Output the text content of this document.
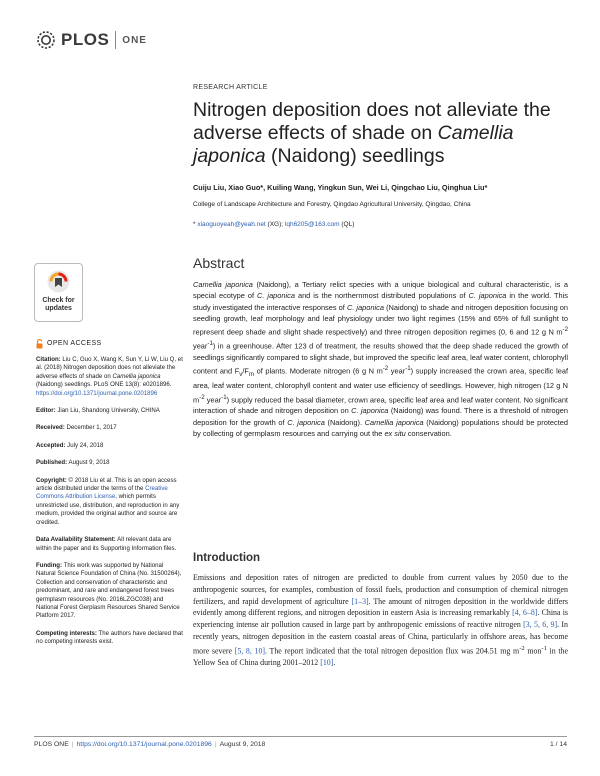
PLOS ONE
RESEARCH ARTICLE
Nitrogen deposition does not alleviate the adverse effects of shade on Camellia japonica (Naidong) seedlings
Cuiju Liu, Xiao Guo*, Kuiling Wang, Yingkun Sun, Wei Li, Qingchao Liu, Qinghua Liu*
College of Landscape Architecture and Forestry, Qingdao Agricultural University, Qingdao, China
* xiaoguoyeah@yeah.net (XG); lqh6205@163.com (QL)
Check for
updates
OPEN ACCESS
Citation: Liu C, Guo X, Wang K, Sun Y, Li W, Liu Q, et al. (2018) Nitrogen deposition does not alleviate the adverse effects of shade on Camellia japonica (Naidong) seedlings. PLoS ONE 13(8): e0201896. https://doi.org/10.1371/journal.pone.0201896
Editor: Jian Liu, Shandong University, CHINA
Received: December 1, 2017
Accepted: July 24, 2018
Published: August 9, 2018
Copyright: © 2018 Liu et al. This is an open access article distributed under the terms of the Creative Commons Attribution License, which permits unrestricted use, distribution, and reproduction in any medium, provided the original author and source are credited.
Data Availability Statement: All relevant data are within the paper and its Supporting Information files.
Funding: This work was supported by National Natural Science Foundation of China (No. 31500264), Collection and conservation of characteristic and predominant, and rare and endangered forest trees germplasm resources (No. 2016LZGC038) and National Forest Gerplasm Resources Shared Service Platform 2017.
Competing interests: The authors have declared that no competing interests exist.
Abstract
Camellia japonica (Naidong), a Tertiary relict species with a unique biological and cultural characteristic, is a special ecotype of C. japonica and is the northernmost distributed populations of C. japonica in the world. This study investigated the interactive responses of C. japonica (Naidong) to shade and nitrogen deposition focusing on seedling growth, leaf morphology and leaf physiology under two light regimes (15% and 65% of full sunlight to represent deep shade and slight shade respectively) and three nitrogen deposition regimes (0, 6 and 12 g N $m^{-2}$ year$^{-1}$) in a greenhouse. After 123 d of treatment, the results showed that the deep shade reduced the growth of seedlings significantly compared to slight shade, but improved the specific leaf area, leaf water content, chlorophyll content and $F_v/F_m$ of plants. Moderate nitrogen (6 g N $m^{-2}$ year$^{-1}$) supply increased the crown area, specific leaf area, leaf water content, chlorophyll content and water use efficiency of seedlings. However, high nitrogen (12 g N $m^{-2}$ year$^{-1}$) supply reduced the basal diameter, crown area, specific leaf area and leaf water content. No significant interaction of shade and nitrogen deposition on C. japonica (Naidong) was found. There is a threshold of nitrogen deposition for the growth of C. japonica (Naidong). Camellia japonica (Naidong) populations should be protected by collecting of germplasm resources and carrying out the ex situ conservation.
Introduction
Emissions and deposition rates of nitrogen are predicted to double from current values by 2050 due to the anthropogenic sources, for examples, combustion of fossil fuels, production and consumption of chemical nitrogen fertilizers, and rapid development of agriculture [1–3]. The amount of nitrogen deposition in the worldwide differs evidently among different regions, and nitrogen deposition in eastern Asia is increasing remarkably [4, 6–8]. China is experiencing intense air pollution caused in large part by anthropogenic emissions of reactive nitrogen [3, 5, 6, 9]. In recently years, nitrogen deposition in the eastern coastal areas of China, particularly in offshore areas, has become more severe [5, 8, 10]. The report indicated that the total nitrogen deposition flux was 204.51 mg $m^{-2}$ mon$^{-1}$ in the Yellow Sea of China during 2001–2012 [10].
PLOS ONE | https://doi.org/10.1371/journal.pone.0201896 | August 9, 2018	1 / 14
